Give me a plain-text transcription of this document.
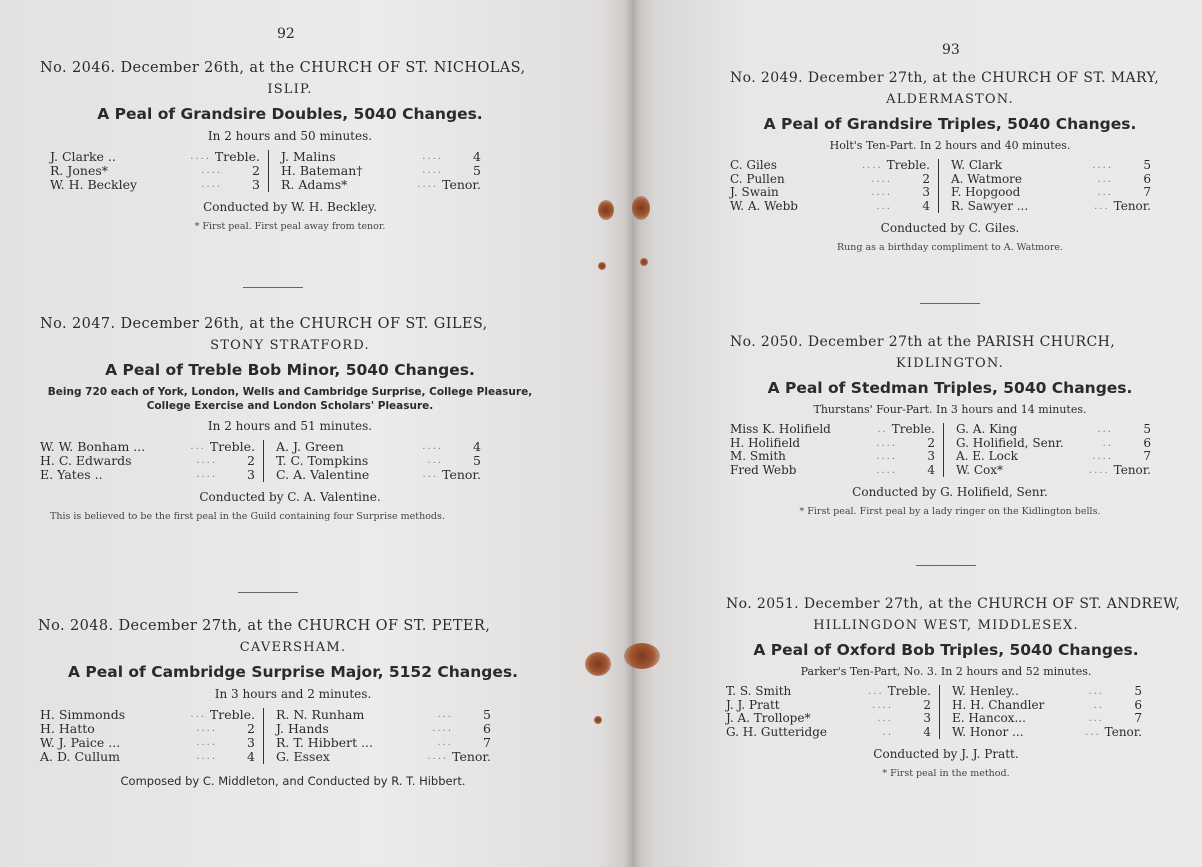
92
No. 2046. December 26th, at the CHURCH OF ST. NICHOLAS,
ISLIP.
A Peal of Grandsire Doubles, 5040 Changes.
In 2 hours and 50 minutes.
J. Clarke ..	.... Treble.
R. Jones*	....	2
W. H. Beckley	....	3
J. Malins	....	4
H. Bateman†	....	5
R. Adams*	.... Tenor.
Conducted by W. H. Beckley.
* First peal. First peal away from tenor.
No. 2047. December 26th, at the CHURCH OF ST. GILES,
STONY STRATFORD.
A Peal of Treble Bob Minor, 5040 Changes.
Being 720 each of York, London, Wells and Cambridge Surprise, College Pleasure, College Exercise and London Scholars' Pleasure.
In 2 hours and 51 minutes.
W. W. Bonham ...	... Treble.
H. C. Edwards	....	2
E. Yates ..	....	3
A. J. Green	....	4
T. C. Tompkins	...	5
C. A. Valentine	... Tenor.
Conducted by C. A. Valentine.
This is believed to be the first peal in the Guild containing four Surprise methods.
No. 2048. December 27th, at the CHURCH OF ST. PETER,
CAVERSHAM.
A Peal of Cambridge Surprise Major, 5152 Changes.
In 3 hours and 2 minutes.
H. Simmonds	... Treble.
H. Hatto	....	2
W. J. Paice ...	....	3
A. D. Cullum	....	4
R. N. Runham	...	5
J. Hands	....	6
R. T. Hibbert ...	...	7
G. Essex	.... Tenor.
Composed by C. Middleton, and Conducted by R. T. Hibbert.
93
No. 2049. December 27th, at the CHURCH OF ST. MARY,
ALDERMASTON.
A Peal of Grandsire Triples, 5040 Changes.
Holt's Ten-Part. In 2 hours and 40 minutes.
C. Giles	.... Treble.
C. Pullen	....	2
J. Swain	....	3
W. A. Webb	...	4
W. Clark	....	5
A. Watmore	...	6
F. Hopgood	...	7
R. Sawyer ...	... Tenor.
Conducted by C. Giles.
Rung as a birthday compliment to A. Watmore.
No. 2050. December 27th at the PARISH CHURCH,
KIDLINGTON.
A Peal of Stedman Triples, 5040 Changes.
Thurstans' Four-Part. In 3 hours and 14 minutes.
Miss K. Holifield	.. Treble.
H. Holifield	....	2
M. Smith	....	3
Fred Webb	....	4
G. A. King	...	5
G. Holifield, Senr.	..	6
A. E. Lock	....	7
W. Cox*	.... Tenor.
Conducted by G. Holifield, Senr.
* First peal. First peal by a lady ringer on the Kidlington bells.
No. 2051. December 27th, at the CHURCH OF ST. ANDREW,
HILLINGDON WEST, MIDDLESEX.
A Peal of Oxford Bob Triples, 5040 Changes.
Parker's Ten-Part, No. 3. In 2 hours and 52 minutes.
T. S. Smith	... Treble.
J. J. Pratt	....	2
J. A. Trollope*	...	3
G. H. Gutteridge	..	4
W. Henley..	...	5
H. H. Chandler	..	6
E. Hancox...	...	7
W. Honor ...	... Tenor.
Conducted by J. J. Pratt.
* First peal in the method.
